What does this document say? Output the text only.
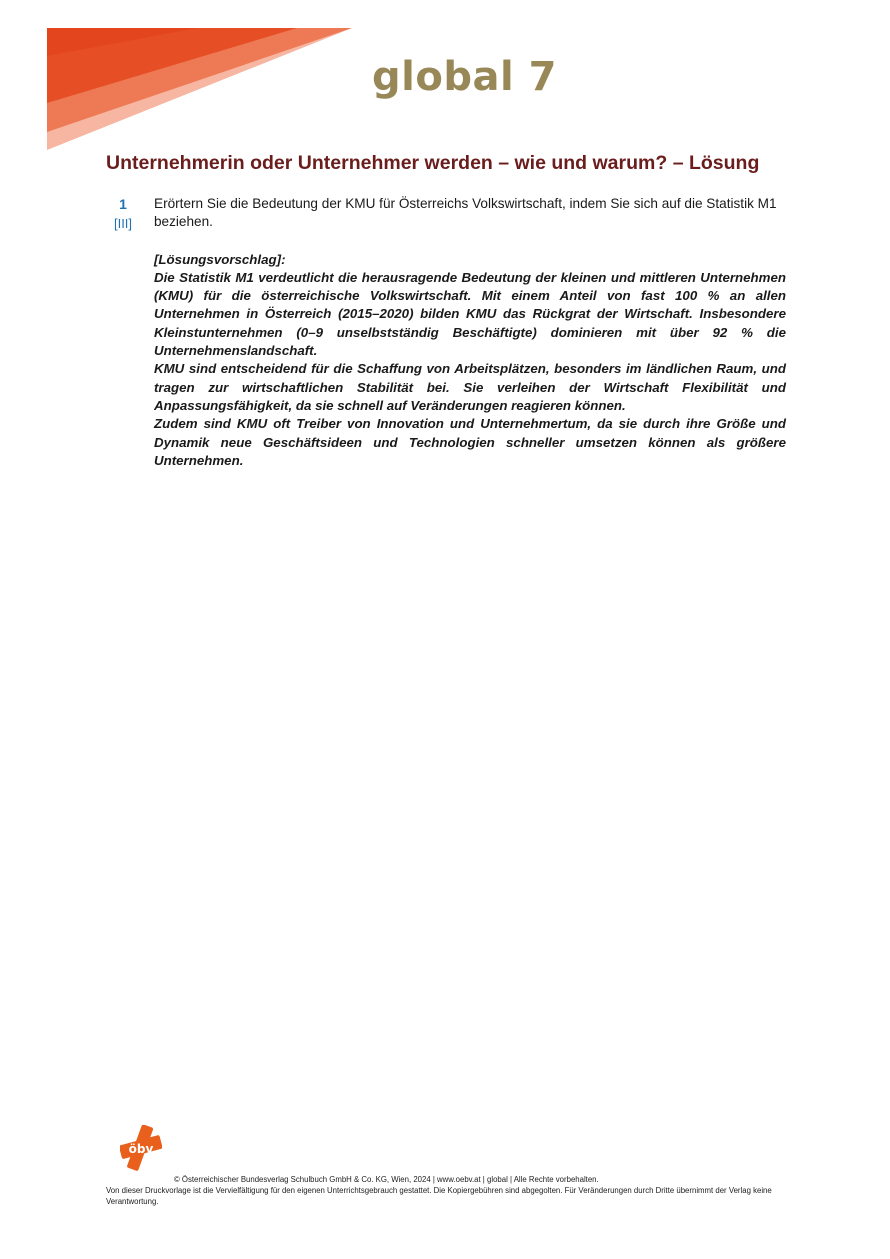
global 7
Unternehmerin oder Unternehmer werden – wie und warum? – Lösung
1
[III]

Erörtern Sie die Bedeutung der KMU für Österreichs Volkswirtschaft, indem Sie sich auf die Statistik M1 beziehen.

[Lösungsvorschlag]:

Die Statistik M1 verdeutlicht die herausragende Bedeutung der kleinen und mittleren Unternehmen (KMU) für die österreichische Volkswirtschaft. Mit einem Anteil von fast 100 % an allen Unternehmen in Österreich (2015–2020) bilden KMU das Rückgrat der Wirtschaft. Insbesondere Kleinstunternehmen (0–9 unselbstständig Beschäftigte) dominieren mit über 92 % die Unternehmenslandschaft.

KMU sind entscheidend für die Schaffung von Arbeitsplätzen, besonders im ländlichen Raum, und tragen zur wirtschaftlichen Stabilität bei. Sie verleihen der Wirtschaft Flexibilität und Anpassungsfähigkeit, da sie schnell auf Veränderungen reagieren können.

Zudem sind KMU oft Treiber von Innovation und Unternehmertum, da sie durch ihre Größe und Dynamik neue Geschäftsideen und Technologien schneller umsetzen können als größere Unternehmen.

öbv

© Österreichischer Bundesverlag Schulbuch GmbH & Co. KG, Wien, 2024 | www.oebv.at | global | Alle Rechte vorbehalten.

Von dieser Druckvorlage ist die Vervielfältigung für den eigenen Unterrichtsgebrauch gestattet. Die Kopiergebühren sind abgegolten. Für Veränderungen durch Dritte übernimmt der Verlag keine Verantwortung.
